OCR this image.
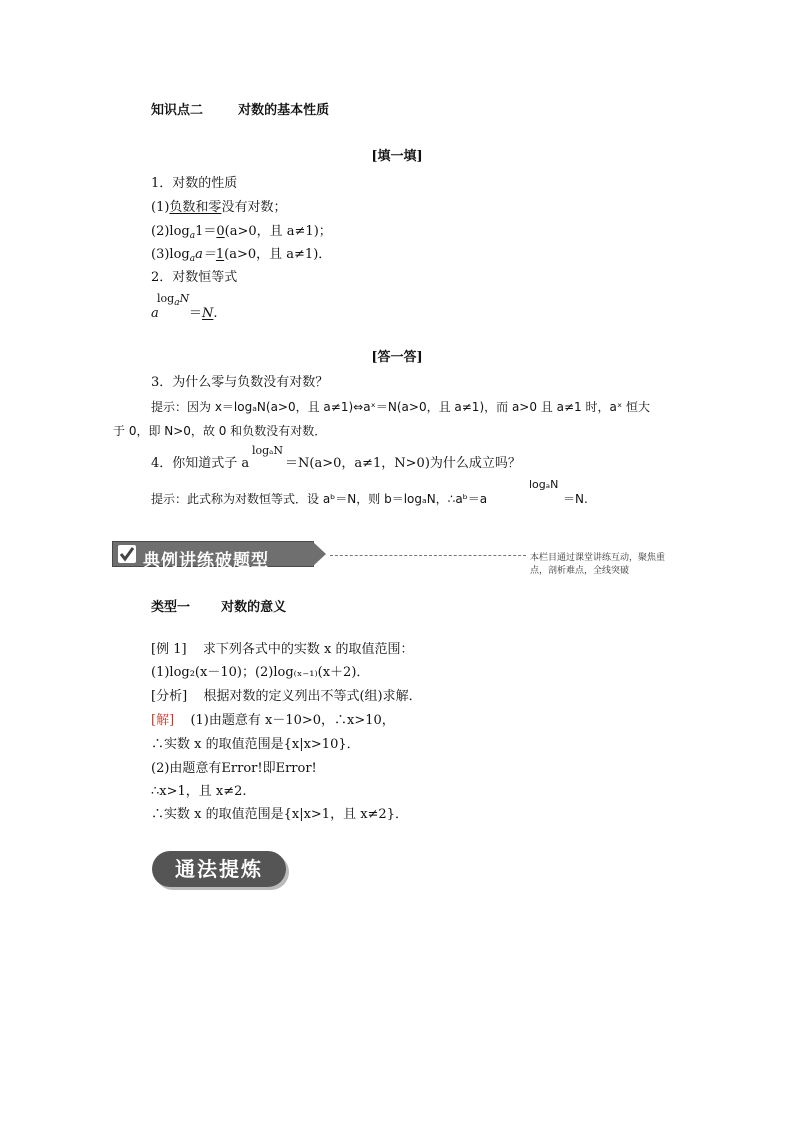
知识点二	对数的基本性质
[填一填]
1．对数的性质
(1)负数和零没有对数；
$(2)\log_a1=0(a>0$，且 a≠1)；
$(3)\log_aa=1(a>0$，且 a≠1)．
2．对数恒等式
$\log_aN$
a ＝N.
[答一答]
3．为什么零与负数没有对数？
提示：因为 x＝logₐN(a>0，且 a≠1)⇔aˣ＝N(a>0，且 a≠1)，而 a>0 且 a≠1 时，aˣ 恒大
于 0，即 N>0，故 0 和负数没有对数．
4．你知道式子 a
logₐN
＝N(a>0，a≠1，N>0)为什么成立吗？
提示：此式称为对数恒等式．设 aᵇ＝N，则 b＝logₐN，∴aᵇ＝a
logₐN
＝N.
典例讲练破题型	本栏目通过课堂讲练互动，聚焦重点，剖析难点，全线突破
类型一 对数的意义
[例 1] 求下列各式中的实数 x 的取值范围：
(1)log₂(x－10)；(2)log₍ₓ₋₁₎(x＋2)．
[分析] 根据对数的定义列出不等式(组)求解．
[解] (1)由题意有 x－10>0，∴x>10，
∴实数 x 的取值范围是{x|x>10}．
(2)由题意有Error!即Error!
∴x>1，且 x≠2.
∴实数 x 的取值范围是{x|x>1，且 x≠2}．
通法提炼
